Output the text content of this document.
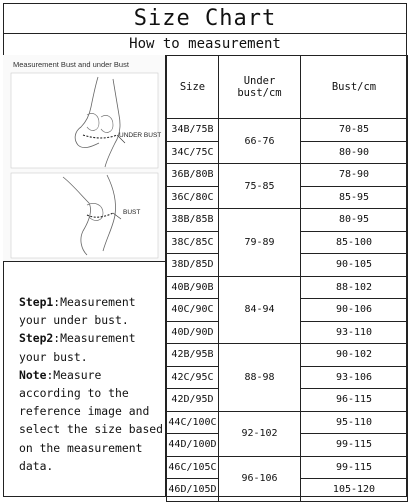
Size Chart
How to measurement
Measurement Bust and under Bust
UNDER BUST
BUST
Step1:Measurement your under bust.
Step2:Measurement your bust.
Note:Measure according to the reference image and select the size based on the measurement data.
Size	Under bust/cm	Bust/cm
34B/75B	66-76	70-85
34C/75C		80-90
36B/80B	75-85	78-90
36C/80C		85-95
38B/85B	79-89	80-95
38C/85C		85-100
38D/85D		90-105
40B/90B	84-94	88-102
40C/90C		90-106
40D/90D		93-110
42B/95B	88-98	90-102
42C/95C		93-106
42D/95D		96-115
44C/100C	92-102	95-110
44D/100D		99-115
46C/105C	96-106	99-115
46D/105D		105-120
